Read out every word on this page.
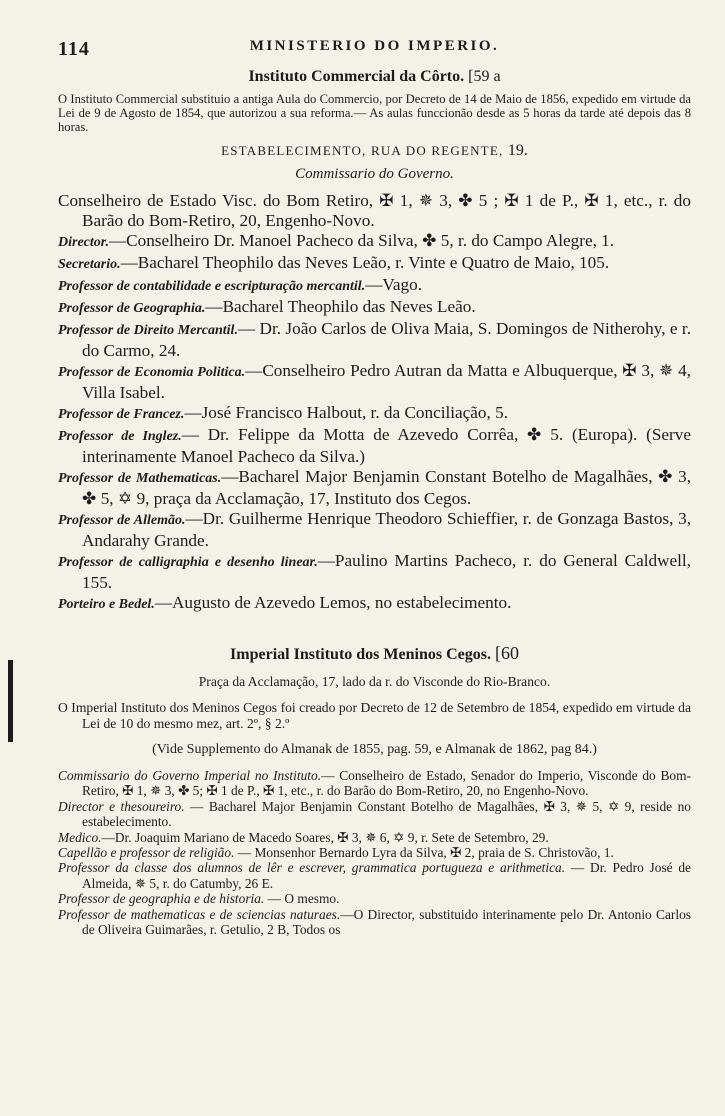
114	MINISTERIO DO IMPERIO.
Instituto Commercial da Côrto. [59 a

O Instituto Commercial substituio a antiga Aula do Commercio, por Decreto de 14 de Maio de 1856, expedido em virtude da Lei de 9 de Agosto de 1854, que autorizou a sua reforma.— As aulas funccionão desde as 5 horas da tarde até depois das 8 horas.

ESTABELECIMENTO, RUA DO REGENTE, 19.
Commissario do Governo.

Conselheiro de Estado Visc. do Bom Retiro, ✠ 1, ✵ 3, ✤ 5 ; ✠ 1 de P., ✠ 1, etc., r. do Barão do Bom-Retiro, 20, Engenho-Novo.

Director.—Conselheiro Dr. Manoel Pacheco da Silva, ✤ 5, r. do Campo Alegre, 1.

Secretario.—Bacharel Theophilo das Neves Leão, r. Vinte e Quatro de Maio, 105.

Professor de contabilidade e escripturação mercantil.—Vago.

Professor de Geographia.—Bacharel Theophilo das Neves Leão.

Professor de Direito Mercantil.— Dr. João Carlos de Oliva Maia, S. Domingos de Nitherohy, e r. do Carmo, 24.

Professor de Economia Politica.—Conselheiro Pedro Autran da Matta e Albuquerque, ✠ 3, ✵ 4, Villa Isabel.

Professor de Francez.—José Francisco Halbout, r. da Conciliação, 5.

Professor de Inglez.— Dr. Felippe da Motta de Azevedo Corrêa, ✤ 5. (Europa). (Serve interinamente Manoel Pacheco da Silva.)

Professor de Mathematicas.—Bacharel Major Benjamin Constant Botelho de Magalhães, ✤ 3, ✤ 5, ✡ 9, praça da Acclamação, 17, Instituto dos Cegos.

Professor de Allemão.—Dr. Guilherme Henrique Theodoro Schieffier, r. de Gonzaga Bastos, 3, Andarahy Grande.

Professor de calligraphia e desenho linear.—Paulino Martins Pacheco, r. do General Caldwell, 155.

Porteiro e Bedel.—Augusto de Azevedo Lemos, no estabelecimento.

Imperial Instituto dos Meninos Cegos. [60
Praça da Acclamação, 17, lado da r. do Visconde do Rio-Branco.

O Imperial Instituto dos Meninos Cegos foi creado por Decreto de 12 de Setembro de 1854, expedido em virtude da Lei de 10 do mesmo mez, art. 2º, § 2.º

(Vide Supplemento do Almanak de 1855, pag. 59, e Almanak de 1862, pag 84.)

Commissario do Governo Imperial no Instituto.— Conselheiro de Estado, Senador do Imperio, Visconde do Bom-Retiro, ✠ 1, ✵ 3, ✤ 5; ✠ 1 de P., ✠ 1, etc., r. do Barão do Bom-Retiro, 20, no Engenho-Novo.

Director e thesoureiro. — Bacharel Major Benjamin Constant Botelho de Magalhães, ✠ 3, ✵ 5, ✡ 9, reside no estabelecimento.

Medico.—Dr. Joaquim Mariano de Macedo Soares, ✠ 3, ✵ 6, ✡ 9, r. Sete de Setembro, 29.

Capellão e professor de religião. — Monsenhor Bernardo Lyra da Silva, ✠ 2, praia de S. Christovão, 1.

Professor da classe dos alumnos de lêr e escrever, grammatica portugueza e arithmetica. — Dr. Pedro José de Almeida, ✵ 5, r. do Catumby, 26 E.

Professor de geographia e de historia. — O mesmo.

Professor de mathematicas e de sciencias naturaes.—O Director, substituido interinamente pelo Dr. Antonio Carlos de Oliveira Guimarães, r. Getulio, 2 B, Todos os
